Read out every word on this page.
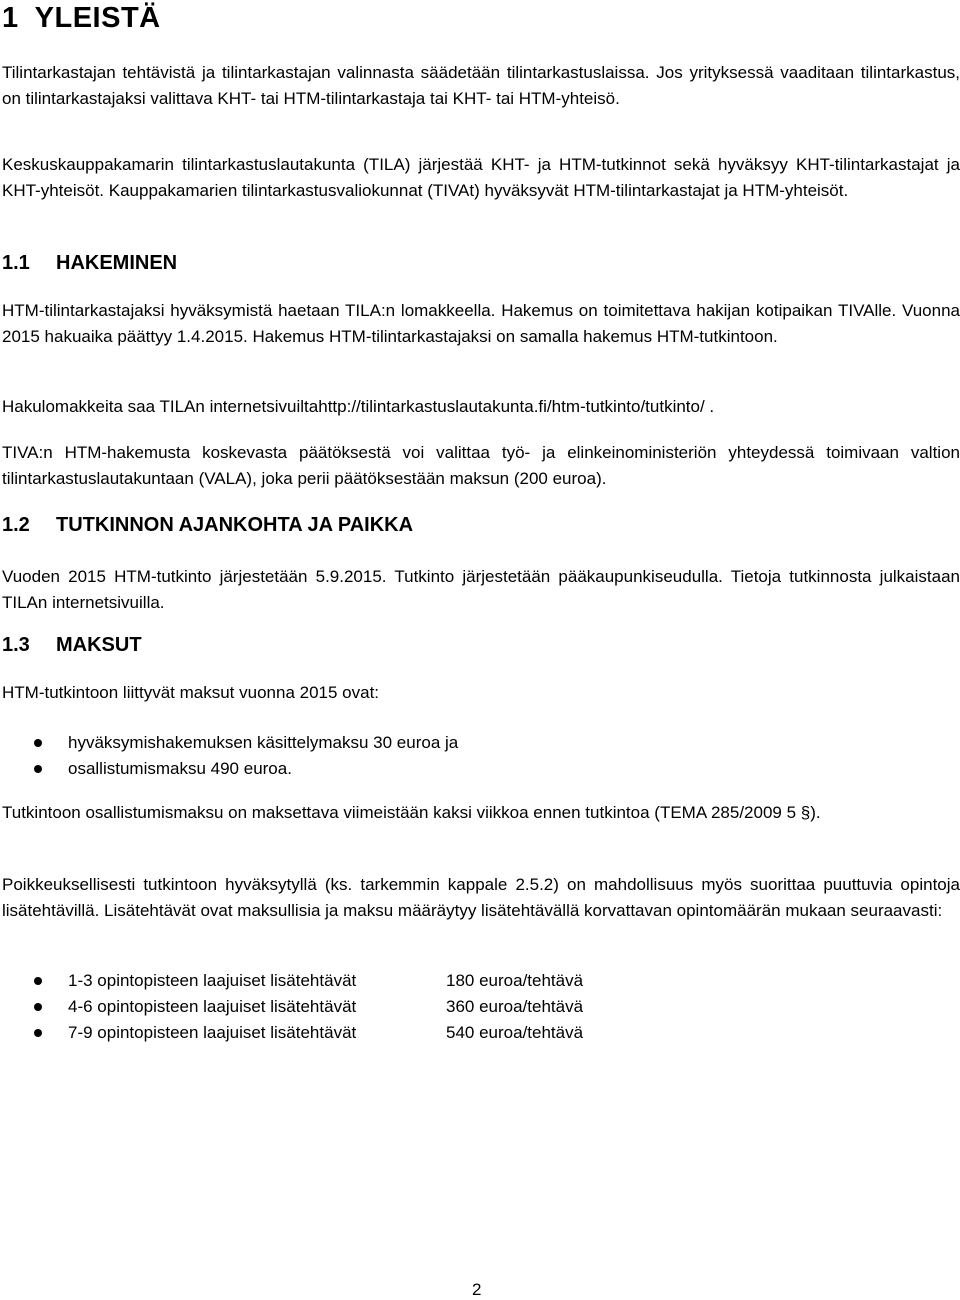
1 YLEISTÄ

Tilintarkastajan tehtävistä ja tilintarkastajan valinnasta säädetään tilintarkastuslaissa. Jos yrityksessä vaaditaan tilintarkastus, on tilintarkastajaksi valittava KHT- tai HTM-tilintarkastaja tai KHT- tai HTM-yhteisö.

Keskuskauppakamarin tilintarkastuslautakunta (TILA) järjestää KHT- ja HTM-tutkinnot sekä hyväksyy KHT-tilintarkastajat ja KHT-yhteisöt. Kauppakamarien tilintarkastusvaliokunnat (TIVAt) hyväksyvät HTM-tilintarkastajat ja HTM-yhteisöt.

1.1 HAKEMINEN

HTM-tilintarkastajaksi hyväksymistä haetaan TILA:n lomakkeella. Hakemus on toimitettava hakijan kotipaikan TIVAlle. Vuonna 2015 hakuaika päättyy 1.4.2015. Hakemus HTM-tilintarkastajaksi on samalla hakemus HTM-tutkintoon.

Hakulomakkeita saa TILAn internetsivuiltahttp://tilintarkastuslautakunta.fi/htm-tutkinto/tutkinto/ .

TIVA:n HTM-hakemusta koskevasta päätöksestä voi valittaa työ- ja elinkeinoministeriön yhteydessä toimivaan valtion tilintarkastuslautakuntaan (VALA), joka perii päätöksestään maksun (200 euroa).

1.2 TUTKINNON AJANKOHTA JA PAIKKA

Vuoden 2015 HTM-tutkinto järjestetään 5.9.2015. Tutkinto järjestetään pääkaupunkiseudulla. Tietoja tutkinnosta julkaistaan TILAn internetsivuilla.

1.3 MAKSUT

HTM-tutkintoon liittyvät maksut vuonna 2015 ovat:

hyväksymishakemuksen käsittelymaksu 30 euroa ja
osallistumismaksu 490 euroa.

Tutkintoon osallistumismaksu on maksettava viimeistään kaksi viikkoa ennen tutkintoa (TEMA 285/2009 5 §).

Poikkeuksellisesti tutkintoon hyväksytyllä (ks. tarkemmin kappale 2.5.2) on mahdollisuus myös suorittaa puuttuvia opintoja lisätehtävillä. Lisätehtävät ovat maksullisia ja maksu määräytyy lisätehtävällä korvattavan opintomäärän mukaan seuraavasti:

1-3 opintopisteen laajuiset lisätehtävät	180 euroa/tehtävä
4-6 opintopisteen laajuiset lisätehtävät	360 euroa/tehtävä
7-9 opintopisteen laajuiset lisätehtävät	540 euroa/tehtävä
2
